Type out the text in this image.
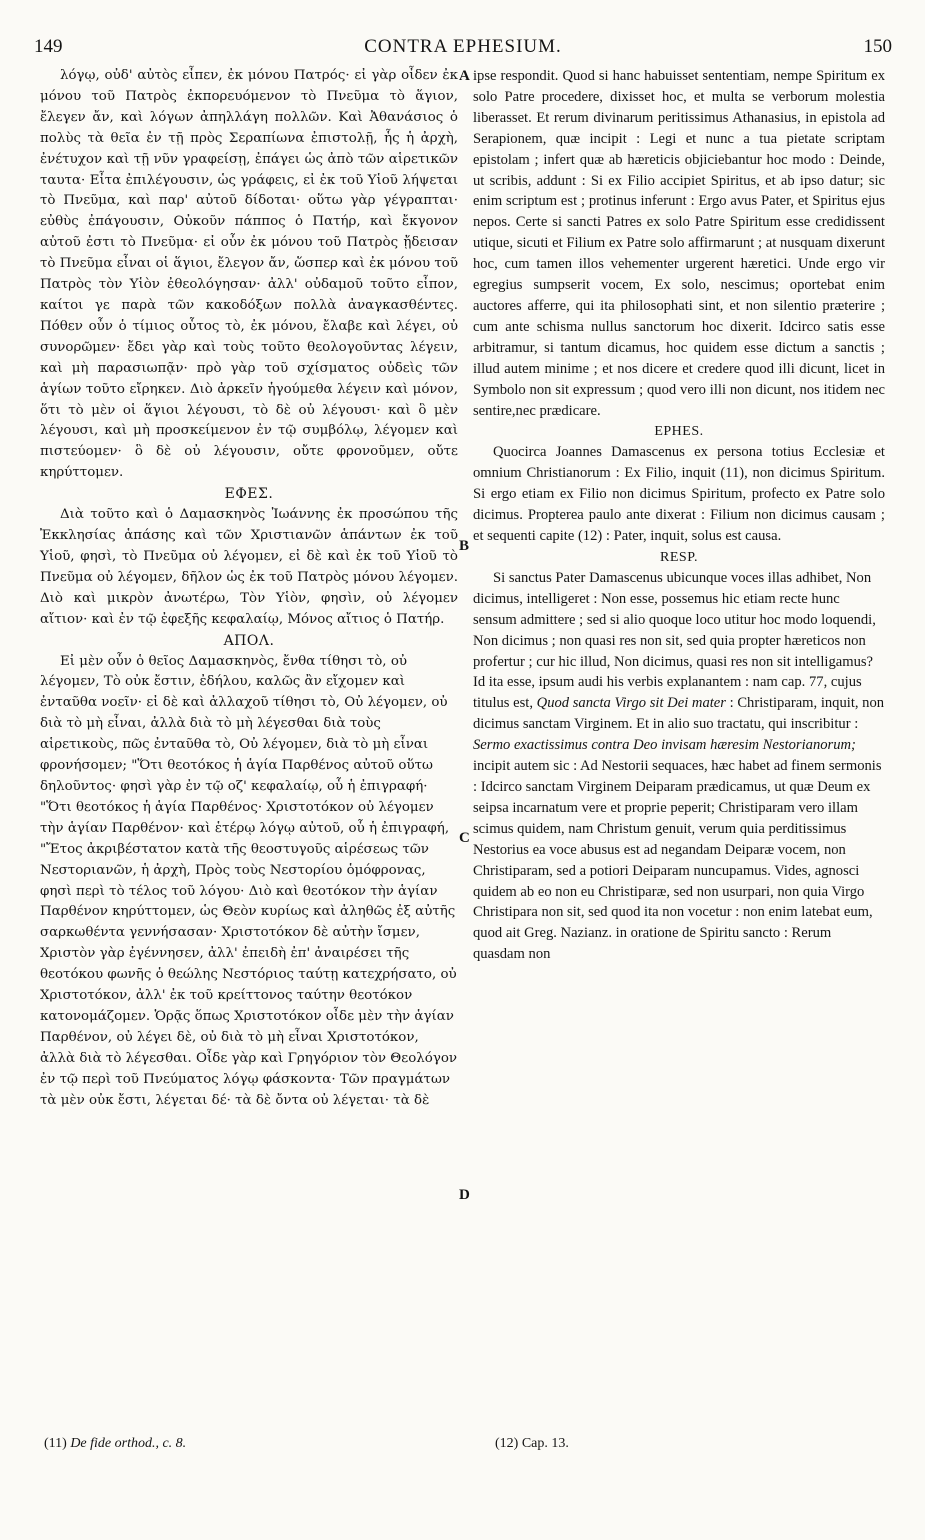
149	CONTRA EPHESIUM.	150

λόγῳ, οὐδ' αὐτὸς εἶπεν, ἐκ μόνου Πατρός· εἰ γὰρ οἶδεν ἐκ μόνου τοῦ Πατρὸς ἐκπορευόμενον τὸ Πνεῦμα τὸ ἅγιον, ἔλεγεν ἄν, καὶ λόγων ἀπηλλάγη πολλῶν. Καὶ Ἀθανάσιος ὁ πολὺς τὰ θεῖα ἐν τῇ πρὸς Σεραπίωνα ἐπιστολῇ, ἧς ἡ ἀρχὴ, ἐνέτυχον καὶ τῇ νῦν γραφείσῃ, ἐπάγει ὡς ἀπὸ τῶν αἱρετικῶν ταυτα· Εἶτα ἐπιλέγουσιν, ὡς γράφεις, εἰ ἐκ τοῦ Υἱοῦ λήψεται τὸ Πνεῦμα, καὶ παρ' αὐτοῦ δίδοται· οὕτω γὰρ γέγραπται· εὐθὺς ἐπάγουσιν, Οὐκοῦν πάππος ὁ Πατήρ, καὶ ἔκγονον αὐτοῦ ἐστι τὸ Πνεῦμα· εἰ οὖν ἐκ μόνου τοῦ Πατρὸς ᾔδεισαν τὸ Πνεῦμα εἶναι οἱ ἅγιοι, ἔλεγον ἄν, ὥσπερ καὶ ἐκ μόνου τοῦ Πατρὸς τὸν Υἱὸν ἐθεολόγησαν· ἀλλ' οὐδαμοῦ τοῦτο εἶπον, καίτοι γε παρὰ τῶν κακοδόξων πολλὰ ἀναγκασθέντες. Πόθεν οὖν ὁ τίμιος οὗτος τὸ, ἐκ μόνου, ἔλαβε καὶ λέγει, οὐ συνορῶμεν· ἔδει γὰρ καὶ τοὺς τοῦτο θεολογοῦντας λέγειν, καὶ μὴ παρασιωπᾷν· πρὸ γὰρ τοῦ σχίσματος οὐδεὶς τῶν ἁγίων τοῦτο εἴρηκεν. Διὸ ἀρκεῖν ἡγούμεθα λέγειν καὶ μόνον, ὅτι τὸ μὲν οἱ ἅγιοι λέγουσι, τὸ δὲ οὐ λέγουσι· καὶ ὃ μὲν λέγουσι, καὶ μὴ προσκείμενον ἐν τῷ συμβόλῳ, λέγομεν καὶ πιστεύομεν· ὃ δὲ οὐ λέγουσιν, οὔτε φρονοῦμεν, οὔτε κηρύττομεν.

ΕΦΕΣ.

Διὰ τοῦτο καὶ ὁ Δαμασκηνὸς Ἰωάννης ἐκ προσώπου τῆς Ἐκκλησίας ἁπάσης καὶ τῶν Χριστιανῶν ἁπάντων ἐκ τοῦ Υἱοῦ, φησὶ, τὸ Πνεῦμα οὐ λέγομεν, εἰ δὲ καὶ ἐκ τοῦ Υἱοῦ τὸ Πνεῦμα οὐ λέγομεν, δῆλον ὡς ἐκ τοῦ Πατρὸς μόνου λέγομεν. Διὸ καὶ μικρὸν ἀνωτέρω, Τὸν Υἱὸν, φησὶν, οὐ λέγομεν αἴτιον· καὶ ἐν τῷ ἐφεξῆς κεφαλαίῳ, Μόνος αἴτιος ὁ Πατήρ.

ΑΠΟΛ.

Εἰ μὲν οὖν ὁ θεῖος Δαμασκηνὸς, ἔνθα τίθησι τὸ, οὐ λέγομεν, Τὸ οὐκ ἔστιν, ἐδήλου, καλῶς ἂν εἴχομεν καὶ ἐνταῦθα νοεῖν· εἰ δὲ καὶ ἀλλαχοῦ τίθησι τὸ, Οὐ λέγομεν, οὐ διὰ τὸ μὴ εἶναι, ἀλλὰ διὰ τὸ μὴ λέγεσθαι διὰ τοὺς αἱρετικοὺς, πῶς ἐνταῦθα τὸ, Οὐ λέγομεν, διὰ τὸ μὴ εἶναι φρονήσομεν; "Ὅτι θεοτόκος ἡ ἁγία Παρθένος αὐτοῦ οὕτω δηλοῦντος· φησὶ γὰρ ἐν τῷ οζ' κεφαλαίῳ, οὗ ἡ ἐπιγραφή· "Ὅτι θεοτόκος ἡ ἁγία Παρθένος· Χριστοτόκον οὐ λέγομεν τὴν ἁγίαν Παρθένον· καὶ ἑτέρῳ λόγῳ αὐτοῦ, οὗ ἡ ἐπιγραφή, "Ἔτος ἀκριβέστατον κατὰ τῆς θεοστυγοῦς αἱρέσεως τῶν Νεστοριανῶν, ἡ ἀρχὴ, Πρὸς τοὺς Νεστορίου ὁμόφρονας, φησὶ περὶ τὸ τέλος τοῦ λόγου· Διὸ καὶ θεοτόκον τὴν ἁγίαν Παρθένον κηρύττομεν, ὡς Θεὸν κυρίως καὶ ἀληθῶς ἐξ αὐτῆς σαρκωθέντα γεννήσασαν· Χριστοτόκον δὲ αὐτὴν ἴσμεν, Χριστὸν γὰρ ἐγέννησεν, ἀλλ' ἐπειδὴ ἐπ' ἀναιρέσει τῆς θεοτόκου φωνῆς ὁ θεώλης Νεστόριος ταύτῃ κατεχρήσατο, οὐ Χριστοτόκον, ἀλλ' ἐκ τοῦ κρείττονος ταύτην θεοτόκον κατονομάζομεν. Ὁρᾷς ὅπως Χριστοτόκον οἶδε μὲν τὴν ἁγίαν Παρθένον, οὐ λέγει δὲ, οὐ διὰ τὸ μὴ εἶναι Χριστοτόκον, ἀλλὰ διὰ τὸ λέγεσθαι. Οἶδε γὰρ καὶ Γρηγόριον τὸν Θεολόγον ἐν τῷ περὶ τοῦ Πνεύματος λόγῳ φάσκοντα· Τῶν πραγμάτων τὰ μὲν οὐκ ἔστι, λέγεται δέ· τὰ δὲ ὄντα οὐ λέγεται· τὰ δὲ

A
B
C
D

ipse respondit. Quod si hanc habuisset sententiam, nempe Spiritum ex solo Patre procedere, dixisset hoc, et multa se verborum molestia liberasset. Et rerum divinarum peritissimus Athanasius, in epistola ad Serapionem, quæ incipit : Legi et nunc a tua pietate scriptam epistolam ; infert quæ ab hæreticis objiciebantur hoc modo : Deinde, ut scribis, addunt : Si ex Filio accipiet Spiritus, et ab ipso datur; sic enim scriptum est ; protinus inferunt : Ergo avus Pater, et Spiritus ejus nepos. Certe si sancti Patres ex solo Patre Spiritum esse credidissent utique, sicuti et Filium ex Patre solo affirmarunt ; at nusquam dixerunt hoc, cum tamen illos vehementer urgerent hæretici. Unde ergo vir egregius sumpserit vocem, Ex solo, nescimus; oportebat enim auctores afferre, qui ita philosophati sint, et non silentio præterire ; cum ante schisma nullus sanctorum hoc dixerit. Idcirco satis esse arbitramur, si tantum dicamus, hoc quidem esse dictum a sanctis ; illud autem minime ; et nos dicere et credere quod illi dicunt, licet in Symbolo non sit expressum ; quod vero illi non dicunt, nos itidem nec sentire,nec prædicare.

EPHES.

Quocirca Joannes Damascenus ex persona totius Ecclesiæ et omnium Christianorum : Ex Filio, inquit (11), non dicimus Spiritum. Si ergo etiam ex Filio non dicimus Spiritum, profecto ex Patre solo dicimus. Propterea paulo ante dixerat : Filium non dicimus causam ; et sequenti capite (12) : Pater, inquit, solus est causa.

RESP.

Si sanctus Pater Damascenus ubicunque voces illas adhibet, Non dicimus, intelligeret : Non esse, possemus hic etiam recte hunc sensum admittere ; sed si alio quoque loco utitur hoc modo loquendi, Non dicimus ; non quasi res non sit, sed quia propter hæreticos non profertur ; cur hic illud, Non dicimus, quasi res non sit intelligamus? Id ita esse, ipsum audi his verbis explanantem : nam cap. 77, cujus titulus est, Quod sancta Virgo sit Dei mater : Christiparam, inquit, non dicimus sanctam Virginem. Et in alio suo tractatu, qui inscribitur : Sermo exactissimus contra Deo invisam hæresim Nestorianorum; incipit autem sic : Ad Nestorii sequaces, hæc habet ad finem sermonis : Idcirco sanctam Virginem Deiparam prædicamus, ut quæ Deum ex seipsa incarnatum vere et proprie peperit; Christiparam vero illam scimus quidem, nam Christum genuit, verum quia perditissimus Nestorius ea voce abusus est ad negandam Deiparæ vocem, non Christiparam, sed a potiori Deiparam nuncupamus. Vides, agnosci quidem ab eo non eu Christiparæ, sed non usurpari, non quia Virgo Christipara non sit, sed quod ita non vocetur : non enim latebat eum, quod ait Greg. Nazianz. in oratione de Spiritu sancto : Rerum quasdam non

(11) De fide orthod., c. 8.	(12) Cap. 13.
